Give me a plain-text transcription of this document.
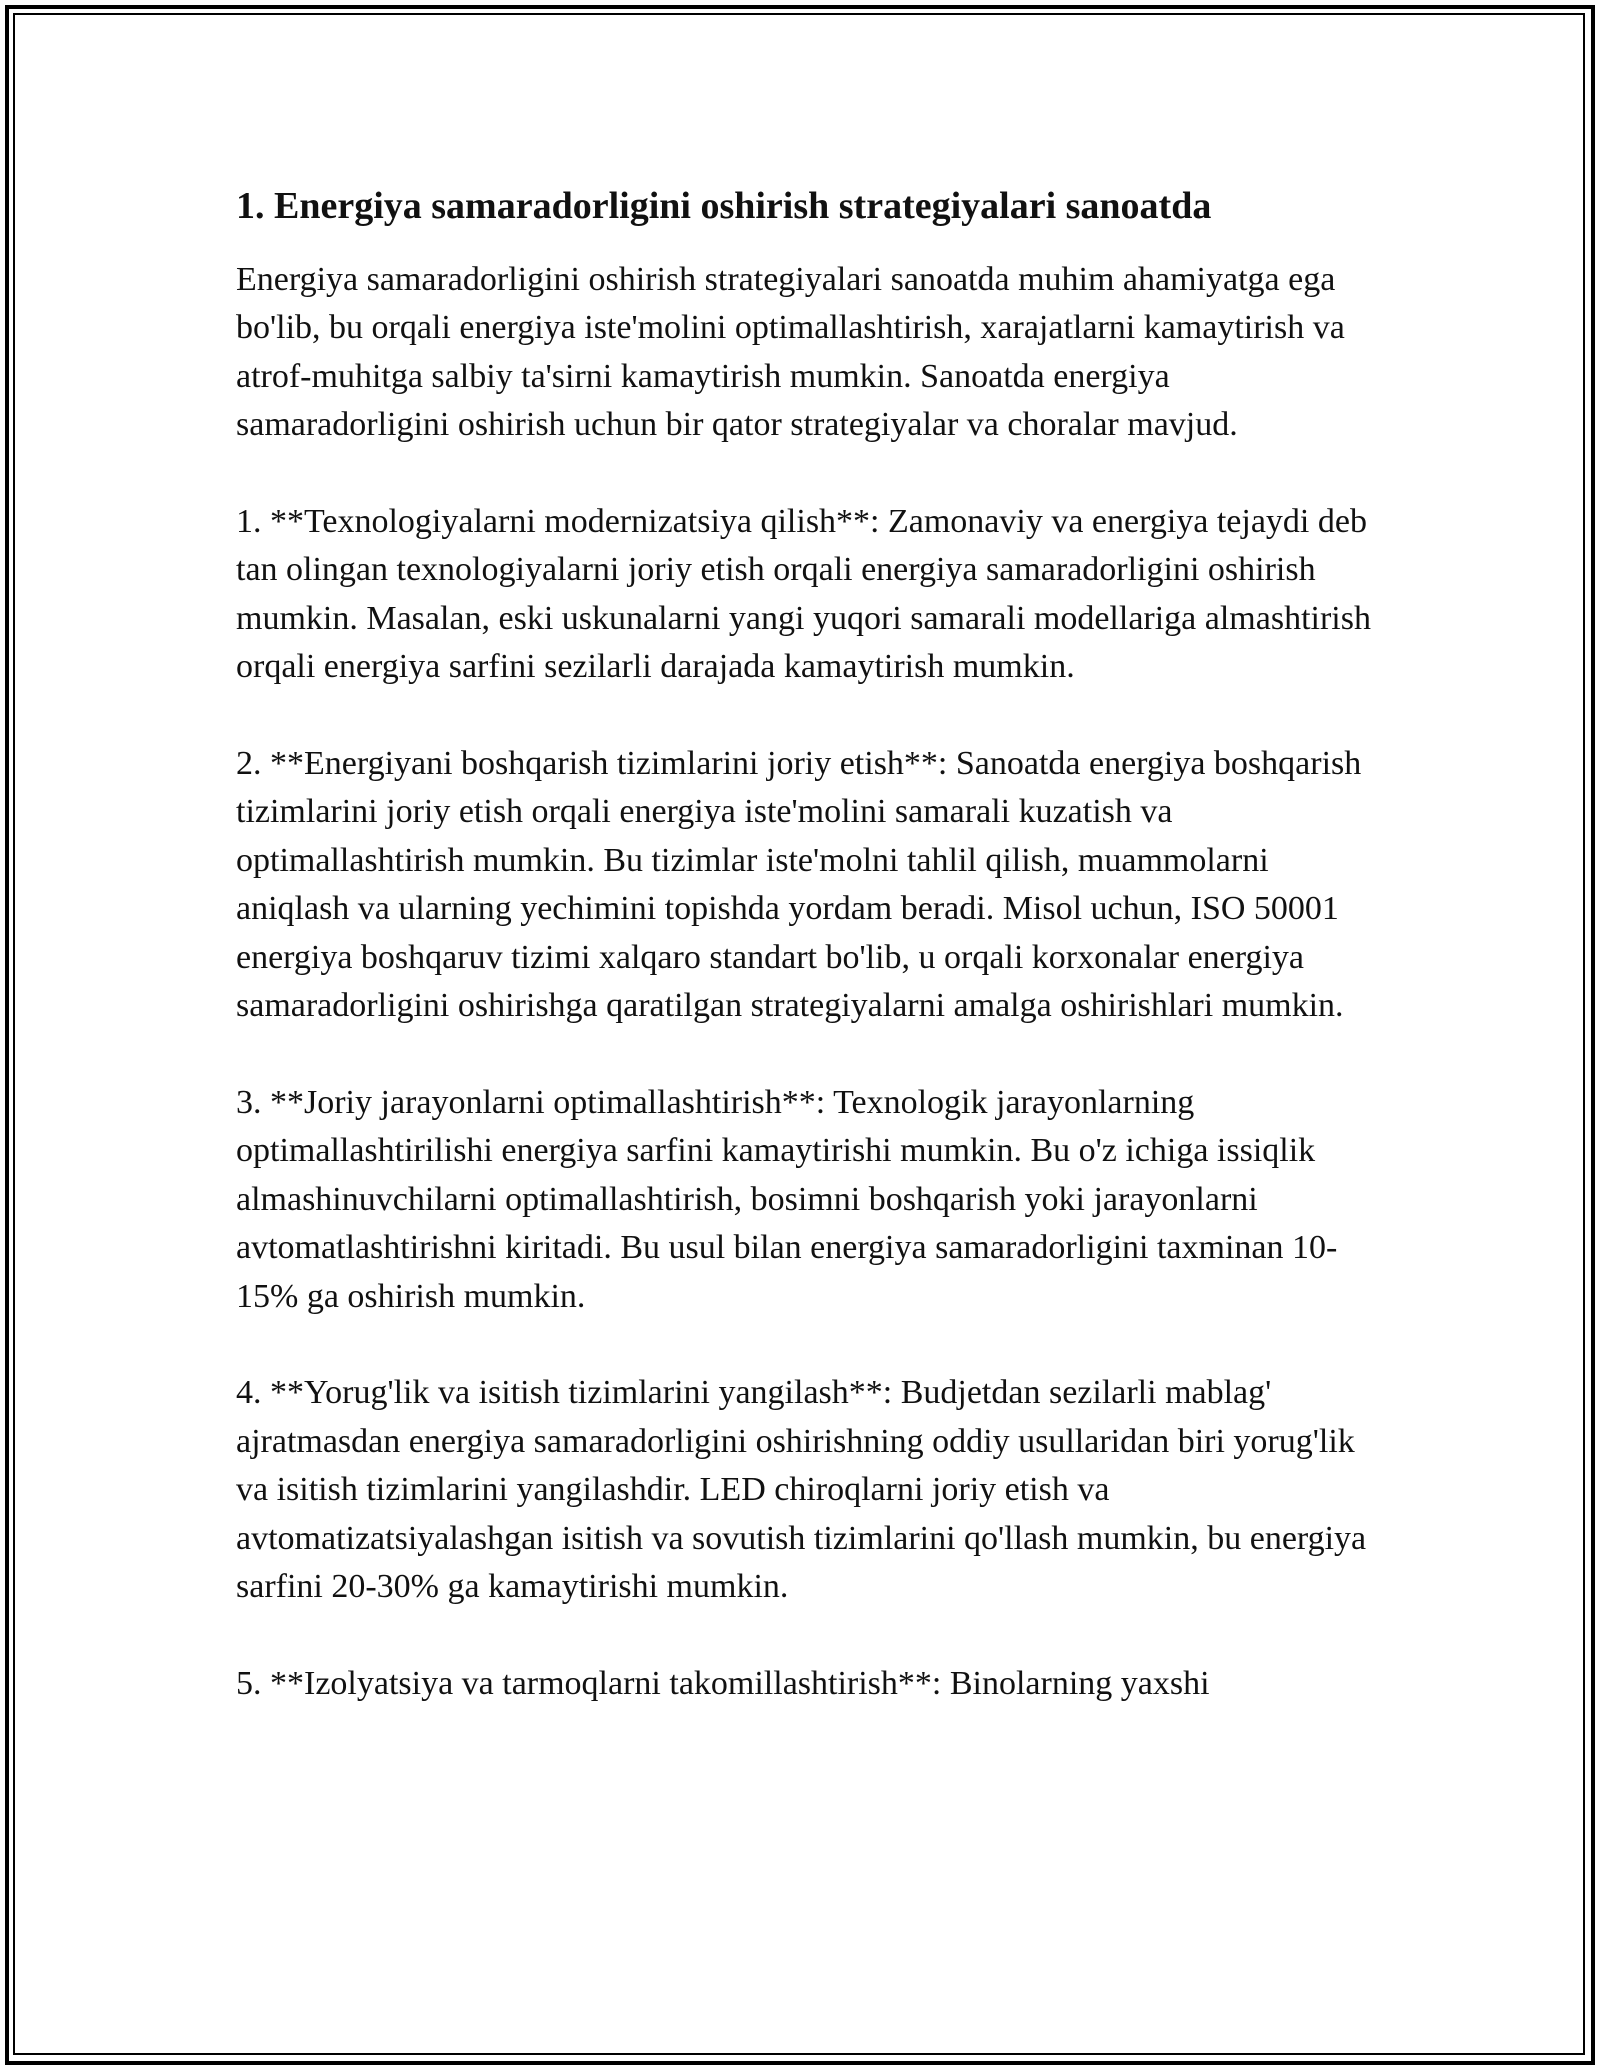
1. Energiya samaradorligini oshirish strategiyalari sanoatda

Energiya samaradorligini oshirish strategiyalari sanoatda muhim ahamiyatga ega bo'lib, bu orqali energiya iste'molini optimallashtirish, xarajatlarni kamaytirish va atrof-muhitga salbiy ta'sirni kamaytirish mumkin. Sanoatda energiya samaradorligini oshirish uchun bir qator strategiyalar va choralar mavjud.

1. **Texnologiyalarni modernizatsiya qilish**: Zamonaviy va energiya tejaydi deb tan olingan texnologiyalarni joriy etish orqali energiya samaradorligini oshirish mumkin. Masalan, eski uskunalarni yangi yuqori samarali modellariga almashtirish orqali energiya sarfini sezilarli darajada kamaytirish mumkin.

2. **Energiyani boshqarish tizimlarini joriy etish**: Sanoatda energiya boshqarish tizimlarini joriy etish orqali energiya iste'molini samarali kuzatish va optimallashtirish mumkin. Bu tizimlar iste'molni tahlil qilish, muammolarni aniqlash va ularning yechimini topishda yordam beradi. Misol uchun, ISO 50001 energiya boshqaruv tizimi xalqaro standart bo'lib, u orqali korxonalar energiya samaradorligini oshirishga qaratilgan strategiyalarni amalga oshirishlari mumkin.

3. **Joriy jarayonlarni optimallashtirish**: Texnologik jarayonlarning optimallashtirilishi energiya sarfini kamaytirishi mumkin. Bu o'z ichiga issiqlik almashinuvchilarni optimallashtirish, bosimni boshqarish yoki jarayonlarni avtomatlashtirishni kiritadi. Bu usul bilan energiya samaradorligini taxminan 10-15% ga oshirish mumkin.

4. **Yorug'lik va isitish tizimlarini yangilash**: Budjetdan sezilarli mablag' ajratmasdan energiya samaradorligini oshirishning oddiy usullaridan biri yorug'lik va isitish tizimlarini yangilashdir. LED chiroqlarni joriy etish va avtomatizatsiyalashgan isitish va sovutish tizimlarini qo'llash mumkin, bu energiya sarfini 20-30% ga kamaytirishi mumkin.

5. **Izolyatsiya va tarmoqlarni takomillashtirish**: Binolarning yaxshi
